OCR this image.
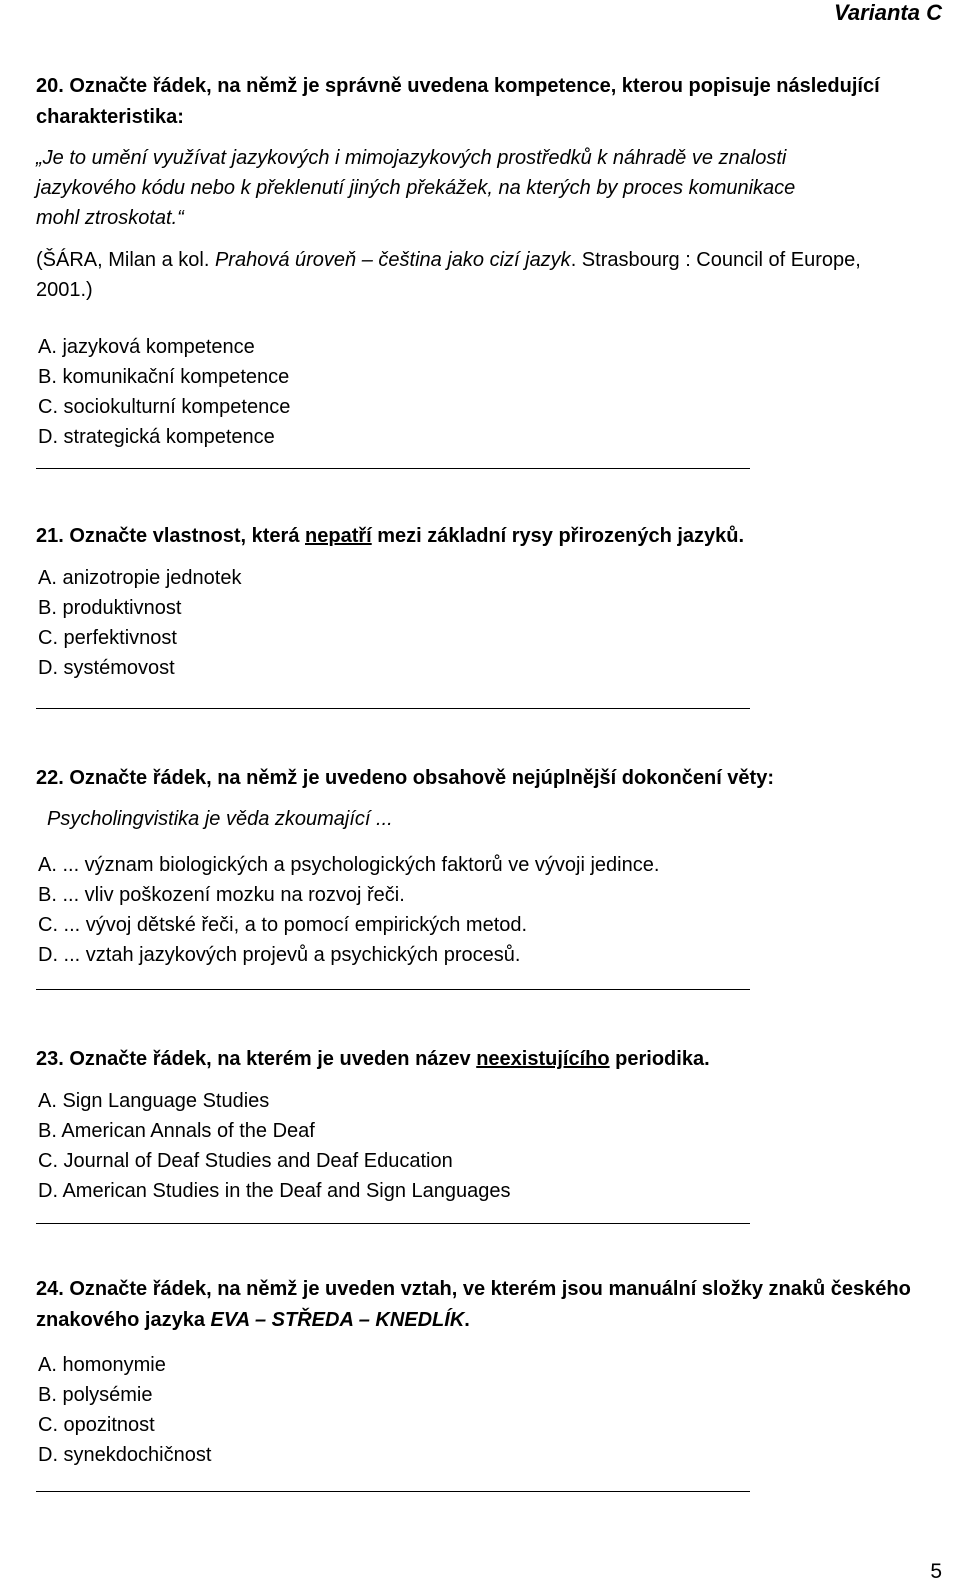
Varianta C

20. Označte řádek, na němž je správně uvedena kompetence, kterou popisuje následující charakteristika:

„Je to umění využívat jazykových i mimojazykových prostředků k náhradě ve znalosti

jazykového kódu nebo k překlenutí jiných překážek, na kterých by proces komunikace

mohl ztroskotat.“

(ŠÁRA, Milan a kol. Prahová úroveň – čeština jako cizí jazyk. Strasbourg : Council of Europe,

2001.)

A. jazyková kompetence

B. komunikační kompetence

C. sociokulturní kompetence

D. strategická kompetence

21. Označte vlastnost, která nepatří mezi základní rysy přirozených jazyků.

A. anizotropie jednotek

B. produktivnost

C. perfektivnost

D. systémovost

22. Označte řádek, na němž je uvedeno obsahově nejúplnější dokončení věty:

Psycholingvistika je věda zkoumající ...

A. ... význam biologických a psychologických faktorů ve vývoji jedince.

B. ... vliv poškození mozku na rozvoj řeči.

C. ... vývoj dětské řeči, a to pomocí empirických metod.

D. ... vztah jazykových projevů a psychických procesů.

23. Označte řádek, na kterém je uveden název neexistujícího periodika.

A. Sign Language Studies

B. American Annals of the Deaf

C. Journal of Deaf Studies and Deaf Education

D. American Studies in the Deaf and Sign Languages

24. Označte řádek, na němž je uveden vztah, ve kterém jsou manuální složky znaků českého znakového jazyka EVA – STŘEDA – KNEDLÍK.

A. homonymie

B. polysémie

C. opozitnost

D. synekdochičnost

5
